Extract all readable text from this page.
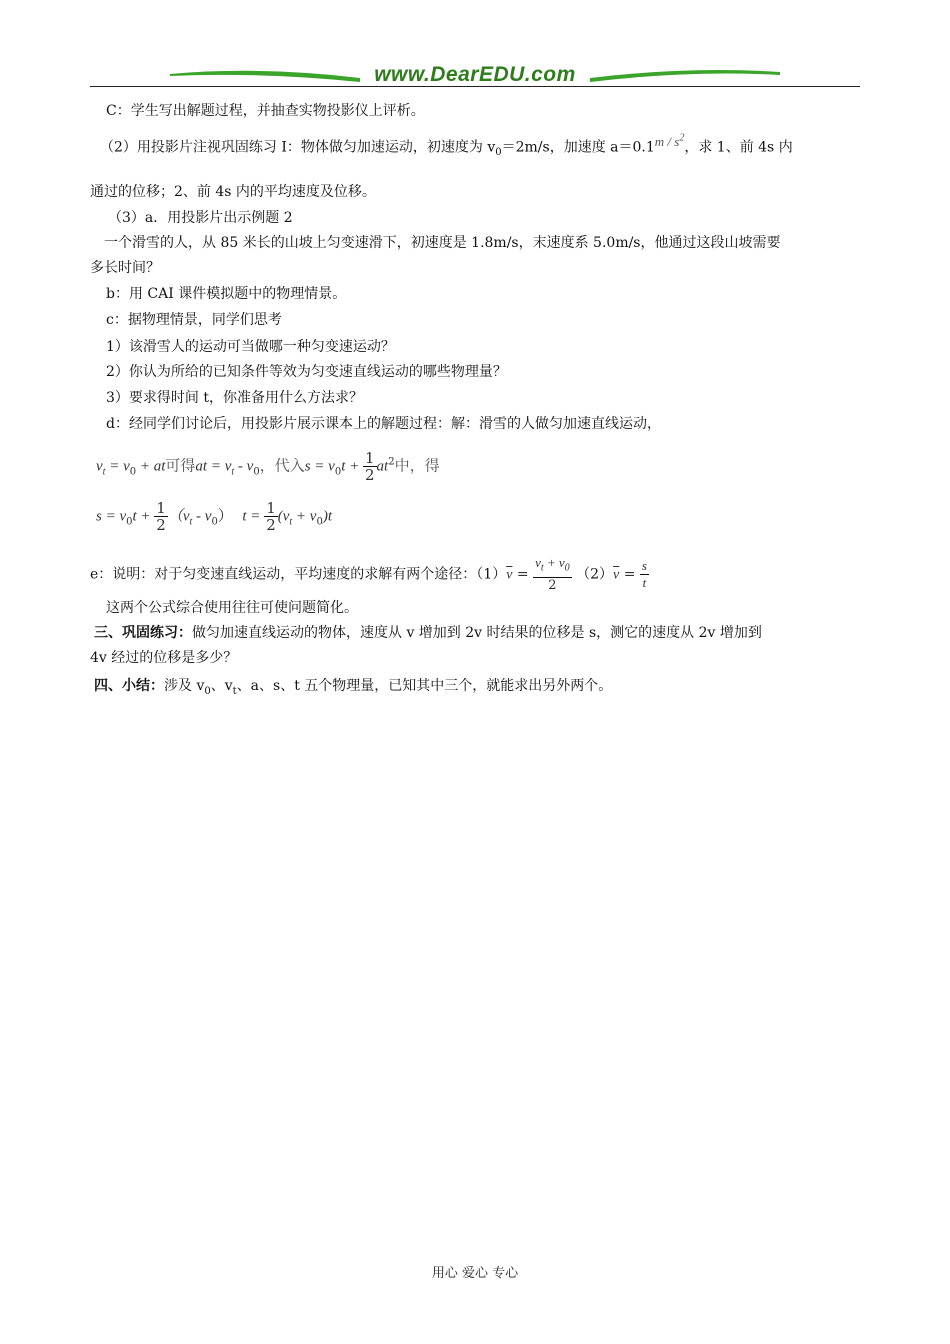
www.DearEDU.com
C：学生写出解题过程，并抽查实物投影仪上评析。
（2）用投影片注视巩固练习 I：物体做匀加速运动，初速度为 $v_0=2m/s$，加速度 $a=0.1m / s^2$，求 1、前 4s 内
通过的位移；2、前 4s 内的平均速度及位移。
（3）a．用投影片出示例题 2
一个滑雪的人，从 85 米长的山坡上匀变速滑下，初速度是 1.8m/s，末速度系 5.0m/s，他通过这段山坡需要
多长时间？
b：用 CAI 课件模拟题中的物理情景。
c：据物理情景，同学们思考
1）该滑雪人的运动可当做哪一种匀变速运动？
2）你认为所给的已知条件等效为匀变速直线运动的哪些物理量？
3）要求得时间 t，你准备用什么方法求？
d：经同学们讨论后，用投影片展示课本上的解题过程：解：滑雪的人做匀加速直线运动，
$v_t = v_0$ + at可得at = $v_t - v_0$，代入$s = v_0t + \frac{1}{2} at^2$中，得
$s = v_0t + \frac{1}{2} (v_t - v_0) t = \frac{1}{2} (v_t + v_0)t$
e：说明：对于匀变速直线运动，平均速度的求解有两个途径：$(1)\overline{v} = \frac{v_t + v_0}{2} (2)\overline{v} = \frac{s}{t}$
这两个公式综合使用往往可使问题简化。
三、巩固练习：做匀加速直线运动的物体，速度从 v 增加到 2v 时结果的位移是 s，测它的速度从 2v 增加到
4v 经过的位移是多少？
四、小结：涉及 $v_0$、$v_t$、a、s、t 五个物理量，已知其中三个，就能求出另外两个。
用心 爱心 专心
